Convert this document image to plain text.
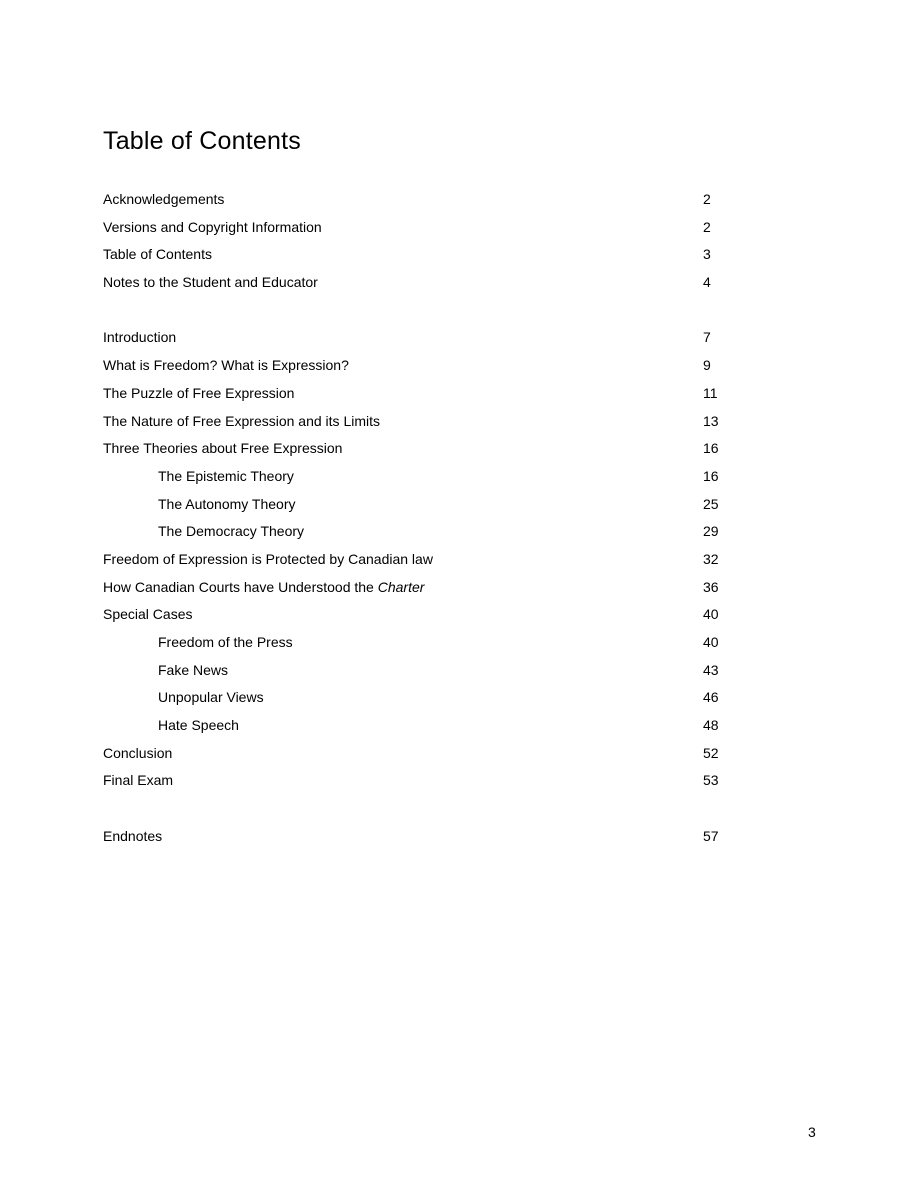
Table of Contents
Acknowledgements	2
Versions and Copyright Information	2
Table of Contents	3
Notes to the Student and Educator	4
Introduction	7
What is Freedom? What is Expression?	9
The Puzzle of Free Expression	11
The Nature of Free Expression and its Limits	13
Three Theories about Free Expression	16
The Epistemic Theory	16
The Autonomy Theory	25
The Democracy Theory	29
Freedom of Expression is Protected by Canadian law	32
How Canadian Courts have Understood the Charter	36
Special Cases	40
Freedom of the Press	40
Fake News	43
Unpopular Views	46
Hate Speech	48
Conclusion	52
Final Exam	53
Endnotes	57
3
